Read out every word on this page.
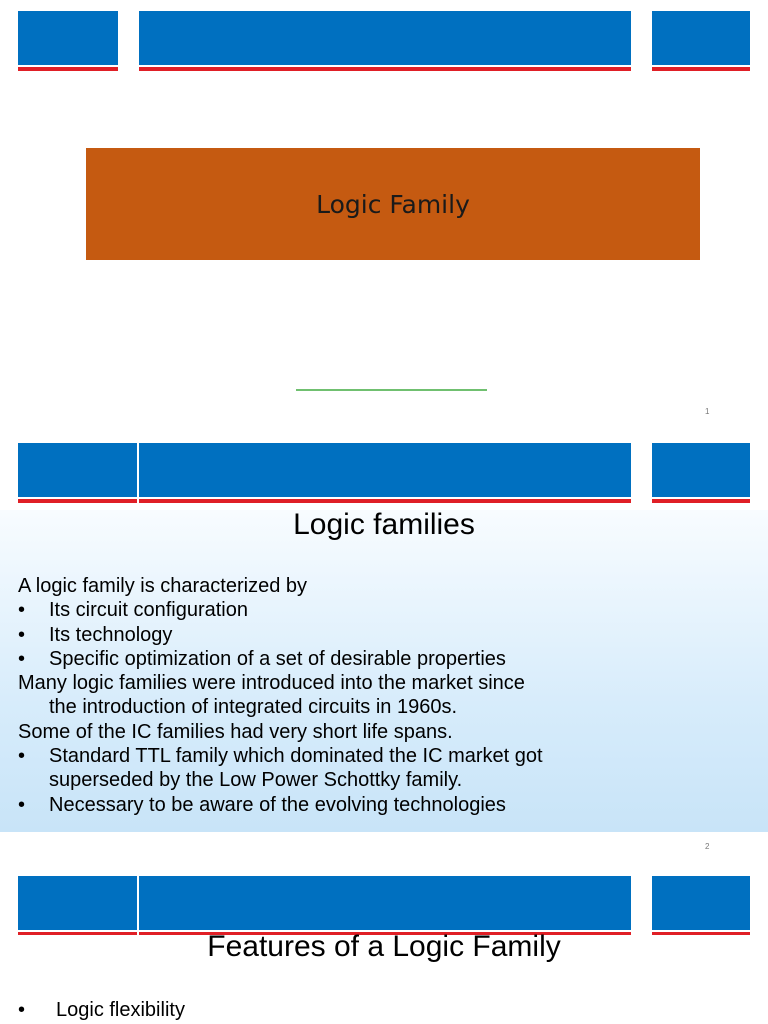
Logic Family
1
Logic families
A logic family is characterized by
• Its circuit configuration
• Its technology
• Specific optimization of a set of desirable properties
Many logic families were introduced into the market since
the introduction of integrated circuits in 1960s.
Some of the IC families had very short life spans.
• Standard TTL family which dominated the IC market got
superseded by the Low Power Schottky family.
• Necessary to be aware of the evolving technologies
2
Features of a Logic Family
• Logic flexibility
